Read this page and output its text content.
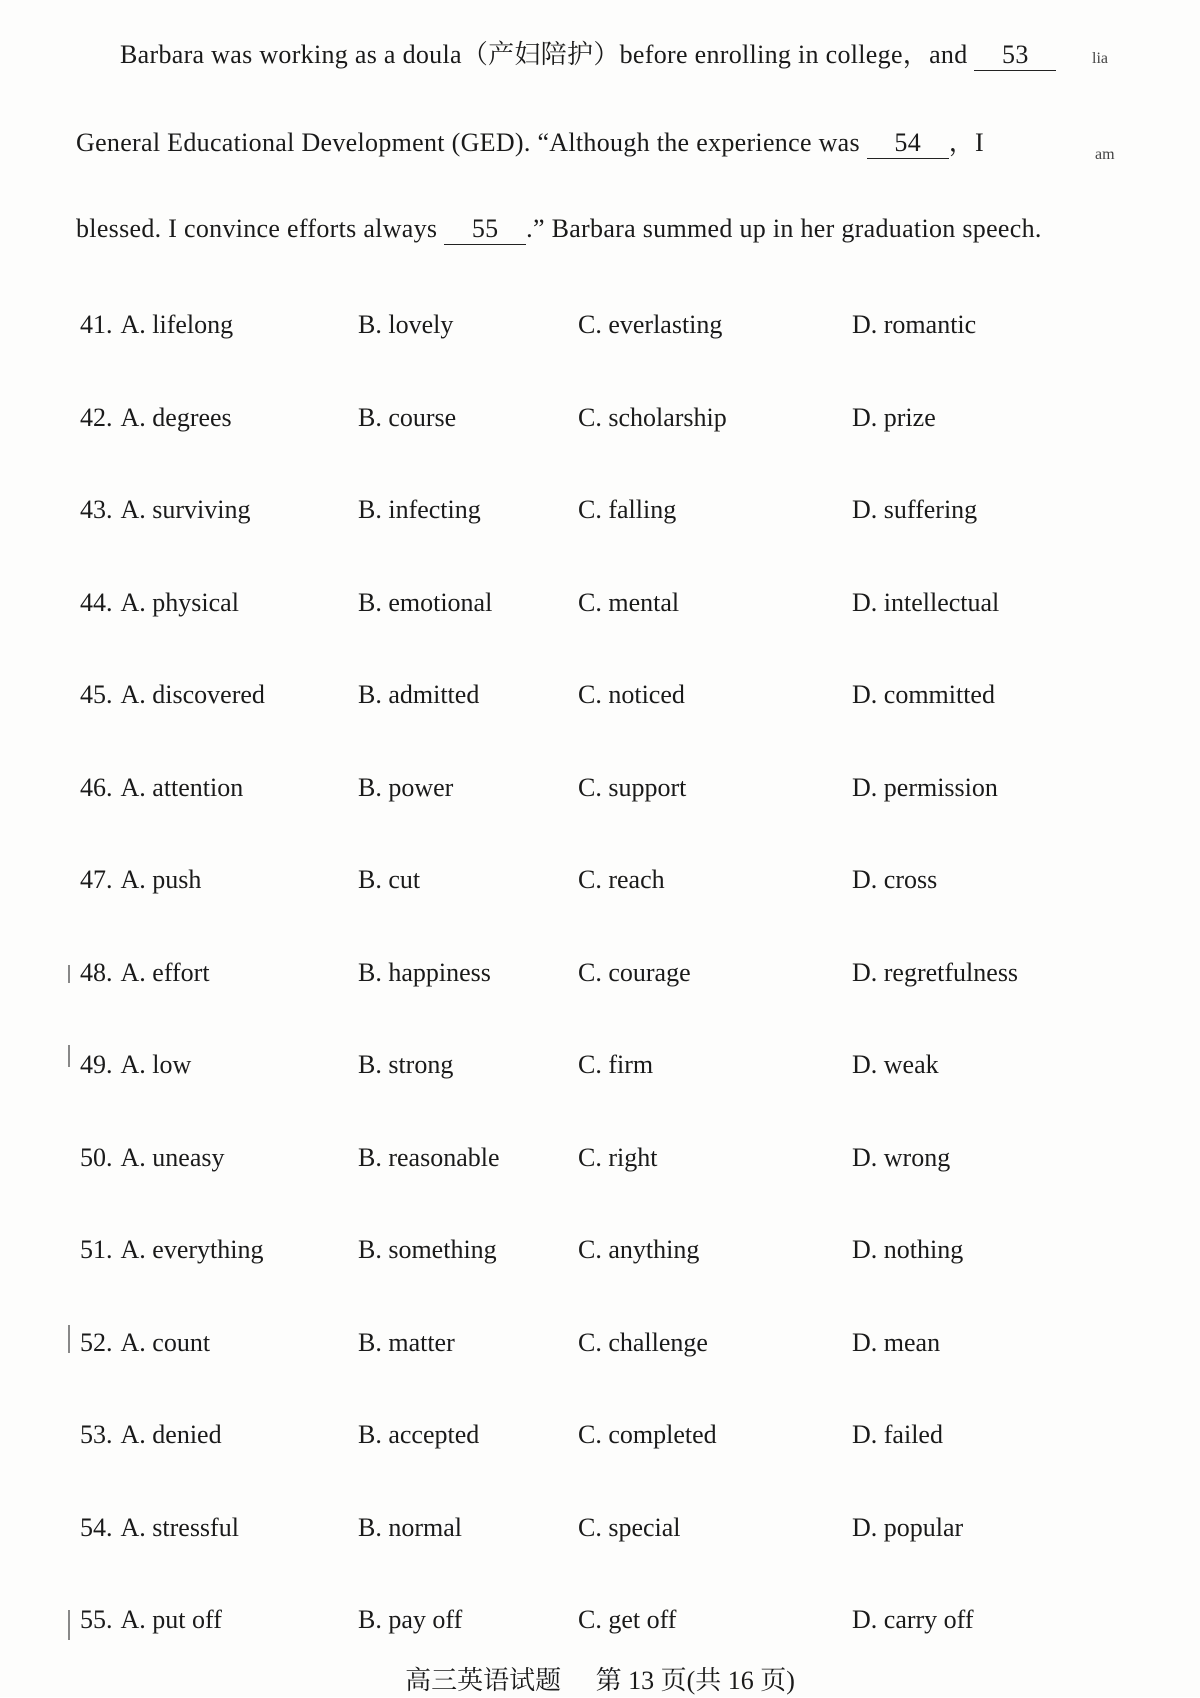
Barbara was working as a doula（产妇陪护）before enrolling in college，and 53	lia
General Educational Development (GED). “Although the experience was 54 ，I	am
blessed. I convince efforts always 55 .” Barbara summed up in her graduation speech.
41. A. lifelong	B. lovely	C. everlasting	D. romantic
42. A. degrees	B. course	C. scholarship	D. prize
43. A. surviving	B. infecting	C. falling	D. suffering
44. A. physical	B. emotional	C. mental	D. intellectual
45. A. discovered	B. admitted	C. noticed	D. committed
46. A. attention	B. power	C. support	D. permission
47. A. push	B. cut	C. reach	D. cross
48. A. effort	B. happiness	C. courage	D. regretfulness
49. A. low	B. strong	C. firm	D. weak
50. A. uneasy	B. reasonable	C. right	D. wrong
51. A. everything	B. something	C. anything	D. nothing
52. A. count	B. matter	C. challenge	D. mean
53. A. denied	B. accepted	C. completed	D. failed
54. A. stressful	B. normal	C. special	D. popular
55. A. put off	B. pay off	C. get off	D. carry off
高三英语试题 第 13 页(共 16 页)
